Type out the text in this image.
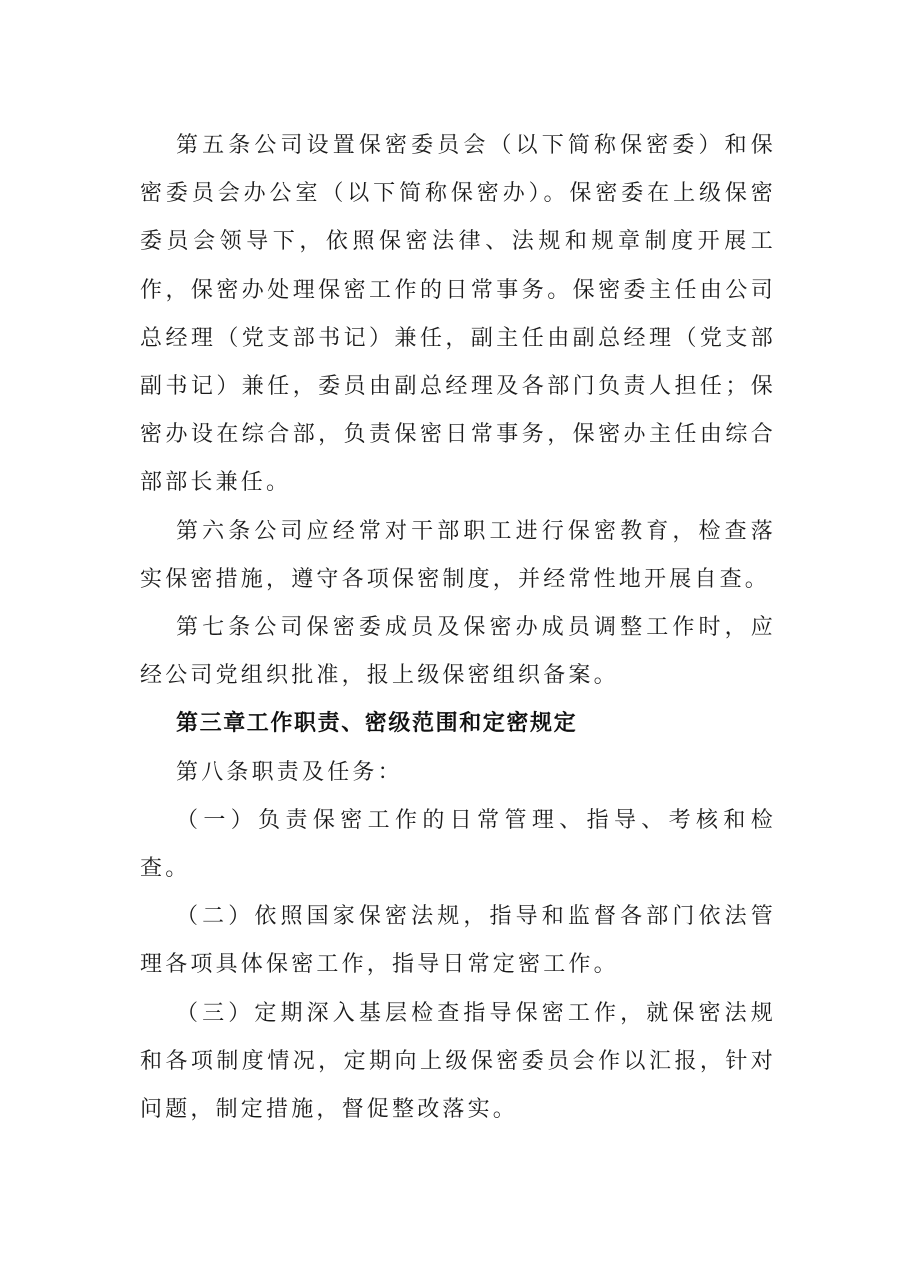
第五条公司设置保密委员会（以下简称保密委）和保密委员会办公室（以下简称保密办）。保密委在上级保密委员会领导下，依照保密法律、法规和规章制度开展工作，保密办处理保密工作的日常事务。保密委主任由公司总经理（党支部书记）兼任，副主任由副总经理（党支部副书记）兼任，委员由副总经理及各部门负责人担任；保密办设在综合部，负责保密日常事务，保密办主任由综合部部长兼任。

第六条公司应经常对干部职工进行保密教育，检查落实保密措施，遵守各项保密制度，并经常性地开展自查。

第七条公司保密委成员及保密办成员调整工作时，应经公司党组织批准，报上级保密组织备案。

第三章工作职责、密级范围和定密规定

第八条职责及任务：

（一）负责保密工作的日常管理、指导、考核和检查。

（二）依照国家保密法规，指导和监督各部门依法管理各项具体保密工作，指导日常定密工作。

（三）定期深入基层检查指导保密工作，就保密法规和各项制度情况，定期向上级保密委员会作以汇报，针对问题，制定措施，督促整改落实。
